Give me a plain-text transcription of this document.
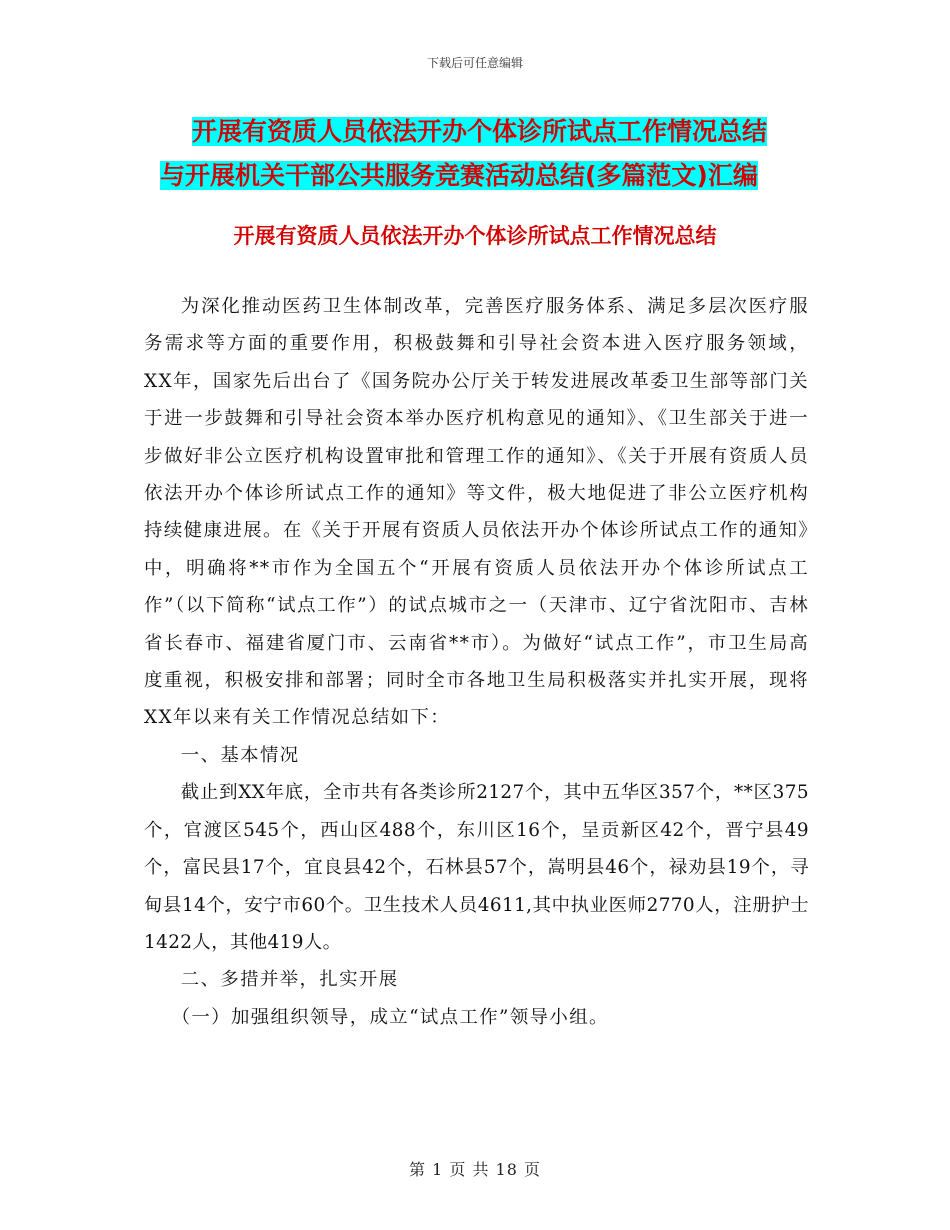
下载后可任意编辑
开展有资质人员依法开办个体诊所试点工作情况总结
与开展机关干部公共服务竞赛活动总结(多篇范文)汇编
开展有资质人员依法开办个体诊所试点工作情况总结

为深化推动医药卫生体制改革，完善医疗服务体系、满足多层次医疗服务需求等方面的重要作用，积极鼓舞和引导社会资本进入医疗服务领域， XX年，国家先后出台了《国务院办公厅关于转发进展改革委卫生部等部门关于进一步鼓舞和引导社会资本举办医疗机构意见的通知》、《卫生部关于进一步做好非公立医疗机构设置审批和管理工作的通知》、《关于开展有资质人员依法开办个体诊所试点工作的通知》等文件，极大地促进了非公立医疗机构持续健康进展。在《关于开展有资质人员依法开办个体诊所试点工作的通知》中，明确将**市作为全国五个“开展有资质人员依法开办个体诊所试点工作”（以下简称“试点工作”）的试点城市之一（天津市、辽宁省沈阳市、吉林省长春市、福建省厦门市、云南省**市）。为做好“试点工作”，市卫生局高度重视，积极安排和部署；同时全市各地卫生局积极落实并扎实开展，现将XX年以来有关工作情况总结如下：

一、基本情况

截止到XX年底，全市共有各类诊所2127个，其中五华区357个，**区375个，官渡区545个，西山区488个，东川区16个，呈贡新区42个，晋宁县49个，富民县17个，宜良县42个，石林县57个，嵩明县46个，禄劝县19个，寻甸县14个，安宁市60个。卫生技术人员4611,其中执业医师2770人，注册护士1422人，其他419人。

二、多措并举，扎实开展

（一）加强组织领导，成立“试点工作”领导小组。

第 1 页 共 18 页
